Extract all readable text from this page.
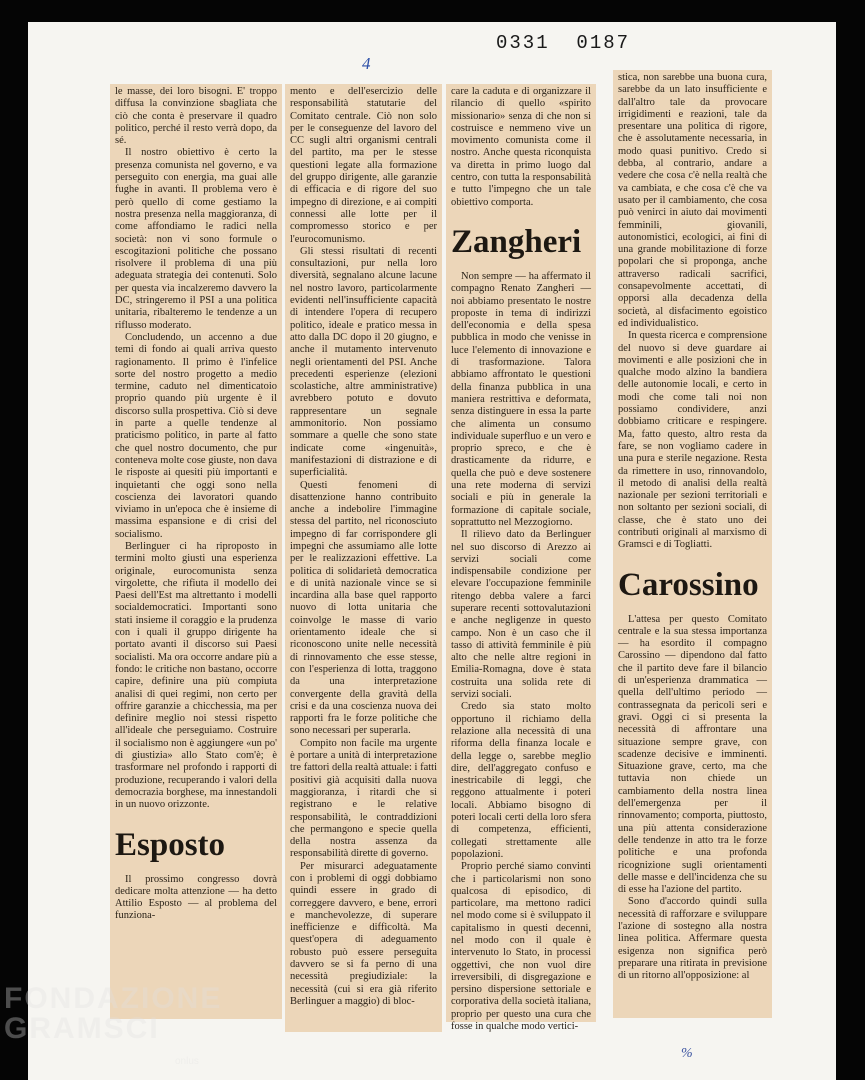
0331  0187
4

le masse, dei loro bisogni. E' troppo diffusa la convinzione sbagliata che ciò che conta è preservare il quadro politico, perché il resto verrà dopo, da sé.

Il nostro obiettivo è certo la presenza comunista nel governo, e va perseguito con energia, ma guai alle fughe in avanti. Il problema vero è però quello di come gestiamo la nostra presenza nella maggioranza, di come affondiamo le radici nella società: non vi sono formule o escogitazioni politiche che possano risolvere il problema di una più adeguata strategia dei contenuti. Solo per questa via incalzeremo davvero la DC, stringeremo il PSI a una politica unitaria, ribalteremo le tendenze a un riflusso moderato.

Concludendo, un accenno a due temi di fondo ai quali arriva questo ragionamento. Il primo è l'infelice sorte del nostro progetto a medio termine, caduto nel dimenticatoio proprio quando più urgente è il discorso sulla prospettiva. Ciò si deve in parte a quelle tendenze al praticismo politico, in parte al fatto che quel nostro documento, che pur conteneva molte cose giuste, non dava le risposte ai quesiti più importanti e inquietanti che oggi sono nella coscienza dei lavoratori quando viviamo in un'epoca che è insieme di massima espansione e di crisi del socialismo.

Berlinguer ci ha riproposto in termini molto giusti una esperienza originale, eurocomunista senza virgolette, che rifiuta il modello dei Paesi dell'Est ma altrettanto i modelli socialdemocratici. Importanti sono stati insieme il coraggio e la prudenza con i quali il gruppo dirigente ha portato avanti il discorso sui Paesi socialisti. Ma ora occorre andare più a fondo: le critiche non bastano, occorre capire, definire una più compiuta analisi di quei regimi, non certo per offrire garanzie a chicchessia, ma per definire meglio noi stessi rispetto all'ideale che perseguiamo. Costruire il socialismo non è aggiungere «un po' di giustizia» allo Stato com'è; è trasformare nel profondo i rapporti di produzione, recuperando i valori della democrazia borghese, ma innestandoli in un nuovo orizzonte.

Esposto

Il prossimo congresso dovrà dedicare molta attenzione — ha detto Attilio Esposto — al problema del funziona-

mento e dell'esercizio delle responsabilità statutarie del Comitato centrale. Ciò non solo per le conseguenze del lavoro del CC sugli altri organismi centrali del partito, ma per le stesse questioni legate alla formazione del gruppo dirigente, alle garanzie di efficacia e di rigore del suo impegno di direzione, e ai compiti connessi alle lotte per il compromesso storico e per l'eurocomunismo.

Gli stessi risultati di recenti consultazioni, pur nella loro diversità, segnalano alcune lacune nel nostro lavoro, particolarmente evidenti nell'insufficiente capacità di intendere l'opera di recupero politico, ideale e pratico messa in atto dalla DC dopo il 20 giugno, e anche il mutamento intervenuto negli orientamenti del PSI. Anche precedenti esperienze (elezioni scolastiche, altre amministrative) avrebbero potuto e dovuto rappresentare un segnale ammonitorio. Non possiamo sommare a quelle che sono state indicate come «ingenuità», manifestazioni di distrazione e di superficialità.

Questi fenomeni di disattenzione hanno contribuito anche a indebolire l'immagine stessa del partito, nel riconosciuto impegno di far corrispondere gli impegni che assumiamo alle lotte per le realizzazioni effettive. La politica di solidarietà democratica e di unità nazionale vince se si incardina alla base quel rapporto nuovo di lotta unitaria che coinvolge le masse di vario orientamento ideale che si riconoscono unite nelle necessità di rinnovamento che esse stesse, con l'esperienza di lotta, traggono da una interpretazione convergente della gravità della crisi e da una coscienza nuova dei rapporti fra le forze politiche che sono necessari per superarla.

Compito non facile ma urgente è portare a unità di interpretazione tre fattori della realtà attuale: i fatti positivi già acquisiti dalla nuova maggioranza, i ritardi che si registrano e le relative responsabilità, le contraddizioni che permangono e specie quella della nostra assenza da responsabilità dirette di governo.

Per misurarci adeguatamente con i problemi di oggi dobbiamo quindi essere in grado di correggere davvero, e bene, errori e manchevolezze, di superare inefficienze e difficoltà. Ma quest'opera di adeguamento robusto può essere perseguita davvero se si fa perno di una necessità pregiudiziale: la necessità (cui si era già riferito Berlinguer a maggio) di bloc-

care la caduta e di organizzare il rilancio di quello «spirito missionario» senza di che non si costruisce e nemmeno vive un movimento comunista come il nostro. Anche questa riconquista va diretta in primo luogo dal centro, con tutta la responsabilità e tutto l'impegno che un tale obiettivo comporta.

Zangheri

Non sempre — ha affermato il compagno Renato Zangheri — noi abbiamo presentato le nostre proposte in tema di indirizzi dell'economia e della spesa pubblica in modo che venisse in luce l'elemento di innovazione e di trasformazione. Talora abbiamo affrontato le questioni della finanza pubblica in una maniera restrittiva e deformata, senza distinguere in essa la parte che alimenta un consumo individuale superfluo e un vero e proprio spreco, e che è drasticamente da ridurre, e quella che può e deve sostenere una rete moderna di servizi sociali e più in generale la formazione di capitale sociale, soprattutto nel Mezzogiorno.

Il rilievo dato da Berlinguer nel suo discorso di Arezzo ai servizi sociali come indispensabile condizione per elevare l'occupazione femminile ritengo debba valere a farci superare recenti sottovalutazioni e anche negligenze in questo campo. Non è un caso che il tasso di attività femminile è più alto che nelle altre regioni in Emilia-Romagna, dove è stata costruita una solida rete di servizi sociali.

Credo sia stato molto opportuno il richiamo della relazione alla necessità di una riforma della finanza locale e della legge o, sarebbe meglio dire, dell'aggregato confuso e inestricabile di leggi, che reggono attualmente i poteri locali. Abbiamo bisogno di poteri locali certi della loro sfera di competenza, efficienti, collegati strettamente alle popolazioni.

Proprio perché siamo convinti che i particolarismi non sono qualcosa di episodico, di particolare, ma mettono radici nel modo come si è sviluppato il capitalismo in questi decenni, nel modo con il quale è intervenuto lo Stato, in processi oggettivi, che non vuol dire irreversibili, di disgregazione e persino dispersione settoriale e corporativa della società italiana, proprio per questo una cura che fosse in qualche modo vertici-

stica, non sarebbe una buona cura, sarebbe da un lato insufficiente e dall'altro tale da provocare irrigidimenti e reazioni, tale da presentare una politica di rigore, che è assolutamente necessaria, in modo quasi punitivo. Credo si debba, al contrario, andare a vedere che cosa c'è nella realtà che va cambiata, e che cosa c'è che va usato per il cambiamento, che cosa può venirci in aiuto dai movimenti femminili, giovanili, autonomistici, ecologici, ai fini di una grande mobilitazione di forze popolari che si proponga, anche attraverso radicali sacrifici, consapevolmente accettati, di opporsi alla decadenza della società, al disfacimento egoistico ed individualistico.

In questa ricerca e comprensione del nuovo si deve guardare ai movimenti e alle posizioni che in qualche modo alzino la bandiera delle autonomie locali, e certo in modi che come tali noi non possiamo condividere, anzi dobbiamo criticare e respingere. Ma, fatto questo, altro resta da fare, se non vogliamo cadere in una pura e sterile negazione. Resta da rimettere in uso, rinnovandolo, il metodo di analisi della realtà nazionale per sezioni territoriali e non soltanto per sezioni sociali, di classe, che è stato uno dei contributi originali al marxismo di Gramsci e di Togliatti.

Carossino

L'attesa per questo Comitato centrale e la sua stessa importanza — ha esordito il compagno Carossino — dipendono dal fatto che il partito deve fare il bilancio di un'esperienza drammatica — quella dell'ultimo periodo — contrassegnata da pericoli seri e gravi. Oggi ci si presenta la necessità di affrontare una situazione sempre grave, con scadenze decisive e imminenti. Situazione grave, certo, ma che tuttavia non chiede un cambiamento della nostra linea dell'emergenza per il rinnovamento; comporta, piuttosto, una più attenta considerazione delle tendenze in atto tra le forze politiche e una profonda ricognizione sugli orientamenti delle masse e dell'incidenza che su di esse ha l'azione del partito.

Sono d'accordo quindi sulla necessità di rafforzare e sviluppare l'azione di sostegno alla nostra linea politica. Affermare questa esigenza non significa però preparare una ritirata in previsione di un ritorno all'opposizione: al

%
FONDAZIONE
GRAMSCI
onlus
